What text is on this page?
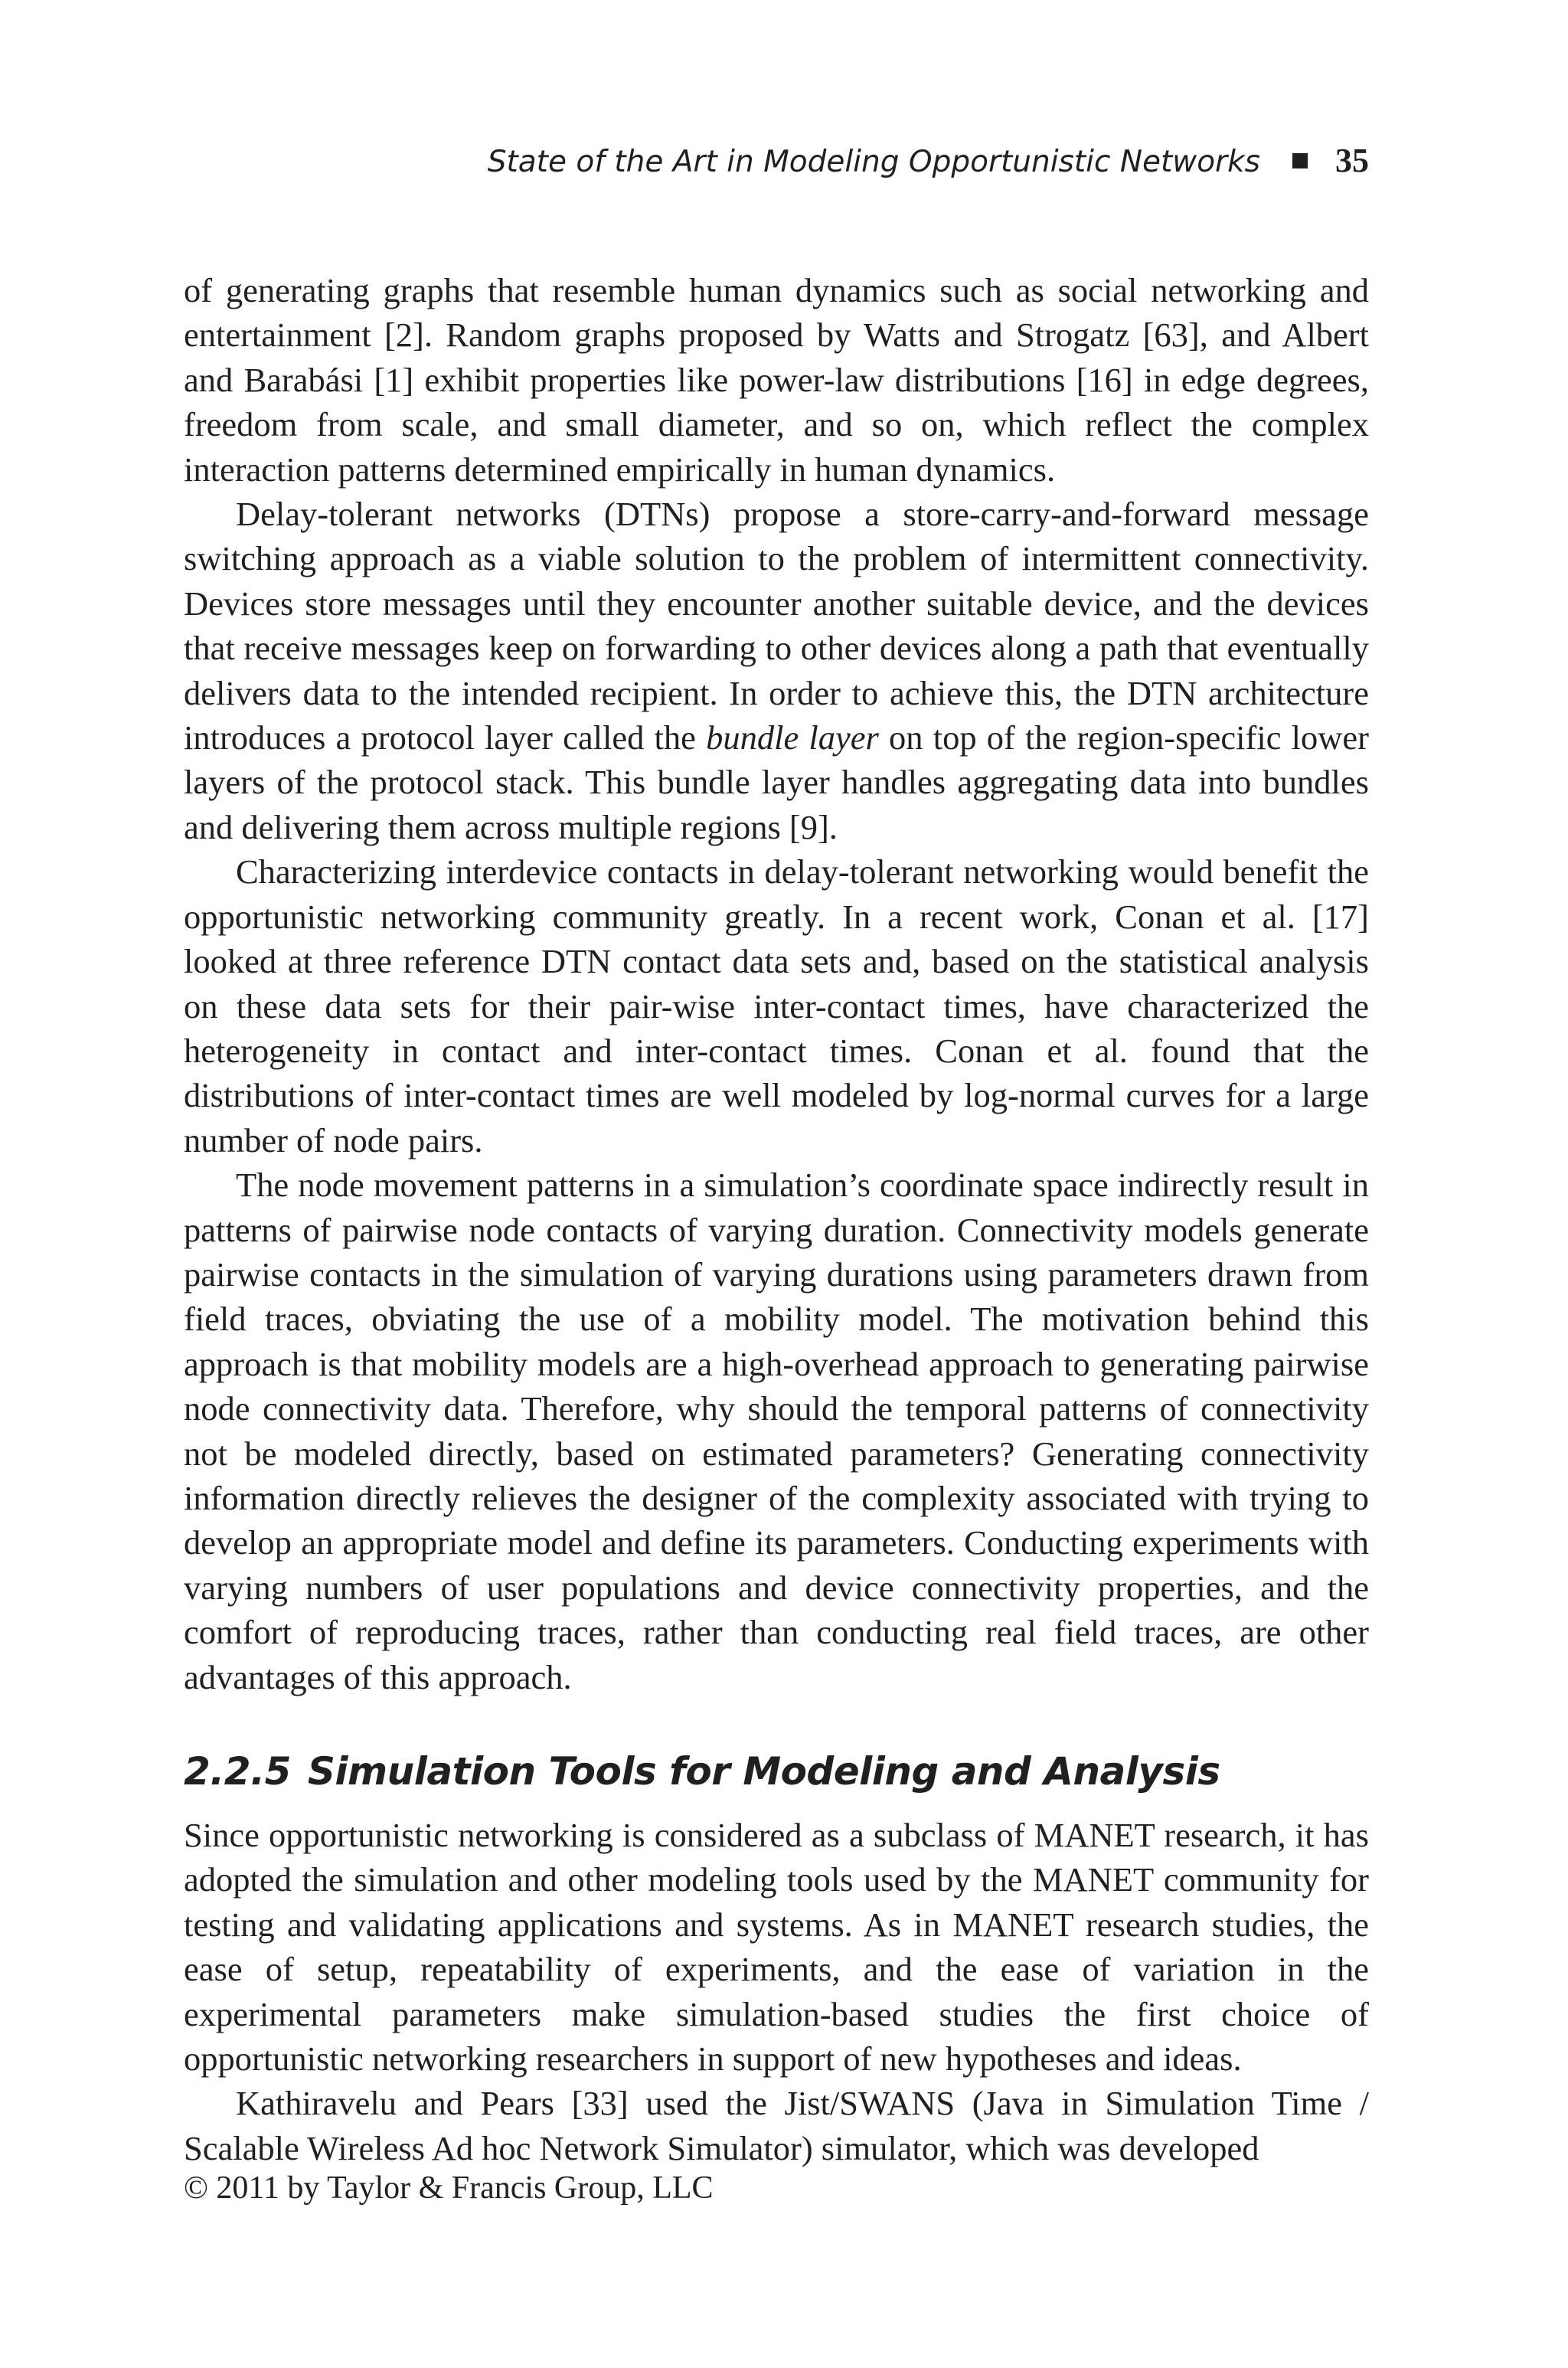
State of the Art in Modeling Opportunistic Networks 35

of generating graphs that resemble human dynamics such as social networking and entertainment [2]. Random graphs proposed by Watts and Strogatz [63], and Albert and Barabási [1] exhibit properties like power-law distributions [16] in edge degrees, freedom from scale, and small diameter, and so on, which reflect the complex interaction patterns determined empirically in human dynamics.

Delay-tolerant networks (DTNs) propose a store-carry-and-forward message switching approach as a viable solution to the problem of intermittent connectivity. Devices store messages until they encounter another suitable device, and the devices that receive messages keep on forwarding to other devices along a path that eventually delivers data to the intended recipient. In order to achieve this, the DTN architecture introduces a protocol layer called the bundle layer on top of the region-specific lower layers of the protocol stack. This bundle layer handles aggregating data into bundles and delivering them across multiple regions [9].

Characterizing interdevice contacts in delay-tolerant networking would benefit the opportunistic networking community greatly. In a recent work, Conan et al. [17] looked at three reference DTN contact data sets and, based on the statistical analysis on these data sets for their pair-wise inter-contact times, have characterized the heterogeneity in contact and inter-contact times. Conan et al. found that the distributions of inter-contact times are well modeled by log-normal curves for a large number of node pairs.

The node movement patterns in a simulation’s coordinate space indirectly result in patterns of pairwise node contacts of varying duration. Connectivity models generate pairwise contacts in the simulation of varying durations using parameters drawn from field traces, obviating the use of a mobility model. The motivation behind this approach is that mobility models are a high-overhead approach to generating pairwise node connectivity data. Therefore, why should the temporal patterns of connectivity not be modeled directly, based on estimated parameters? Generating connectivity information directly relieves the designer of the complexity associated with trying to develop an appropriate model and define its parameters. Conducting experiments with varying numbers of user populations and device connectivity properties, and the comfort of reproducing traces, rather than conducting real field traces, are other advantages of this approach.

2.2.5 Simulation Tools for Modeling and Analysis

Since opportunistic networking is considered as a subclass of MANET research, it has adopted the simulation and other modeling tools used by the MANET community for testing and validating applications and systems. As in MANET research studies, the ease of setup, repeatability of experiments, and the ease of variation in the experimental parameters make simulation-based studies the first choice of opportunistic networking researchers in support of new hypotheses and ideas.

Kathiravelu and Pears [33] used the Jist/SWANS (Java in Simulation Time / Scalable Wireless Ad hoc Network Simulator) simulator, which was developed

© 2011 by Taylor & Francis Group, LLC
